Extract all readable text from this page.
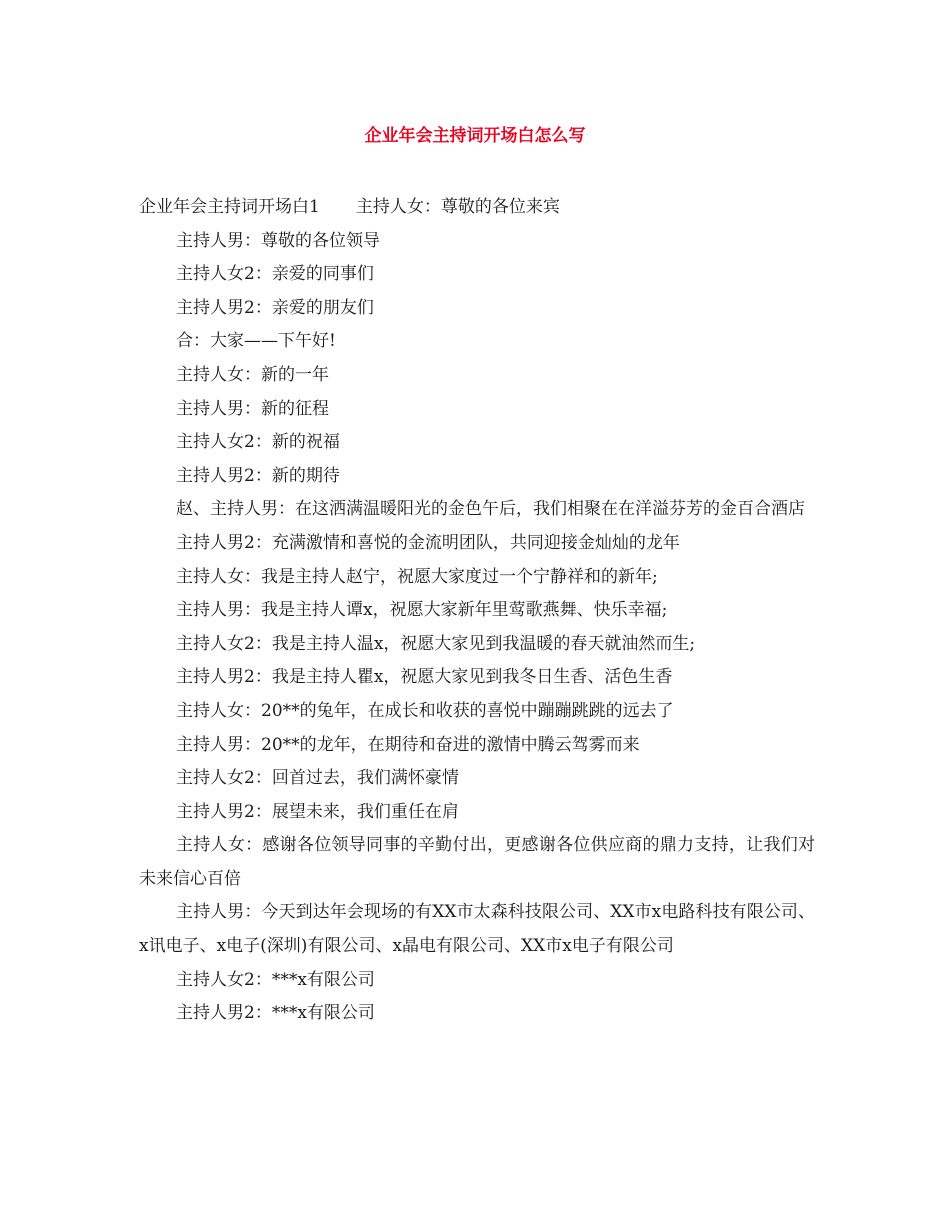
企业年会主持词开场白怎么写
企业年会主持词开场白1 主持人女：尊敬的各位来宾
主持人男：尊敬的各位领导
主持人女2：亲爱的同事们
主持人男2：亲爱的朋友们
合：大家——下午好!
主持人女：新的一年
主持人男：新的征程
主持人女2：新的祝福
主持人男2：新的期待

赵、主持人男：在这洒满温暖阳光的金色午后，我们相聚在在洋溢芬芳的金百合酒店

主持人男2：充满激情和喜悦的金流明团队，共同迎接金灿灿的龙年
主持人女：我是主持人赵宁，祝愿大家度过一个宁静祥和的新年;
主持人男：我是主持人谭x，祝愿大家新年里莺歌燕舞、快乐幸福;
主持人女2：我是主持人温x，祝愿大家见到我温暖的春天就油然而生;
主持人男2：我是主持人瞿x，祝愿大家见到我冬日生香、活色生香
主持人女：20**的兔年，在成长和收获的喜悦中蹦蹦跳跳的远去了
主持人男：20**的龙年，在期待和奋进的激情中腾云驾雾而来
主持人女2：回首过去，我们满怀豪情
主持人男2：展望未来，我们重任在肩

主持人女：感谢各位领导同事的辛勤付出，更感谢各位供应商的鼎力支持，让我们对未来信心百倍

主持人男：今天到达年会现场的有XX市太森科技限公司、XX市x电路科技有限公司、x讯电子、x电子(深圳)有限公司、x晶电有限公司、XX市x电子有限公司

主持人女2：***x有限公司
主持人男2：***x有限公司
